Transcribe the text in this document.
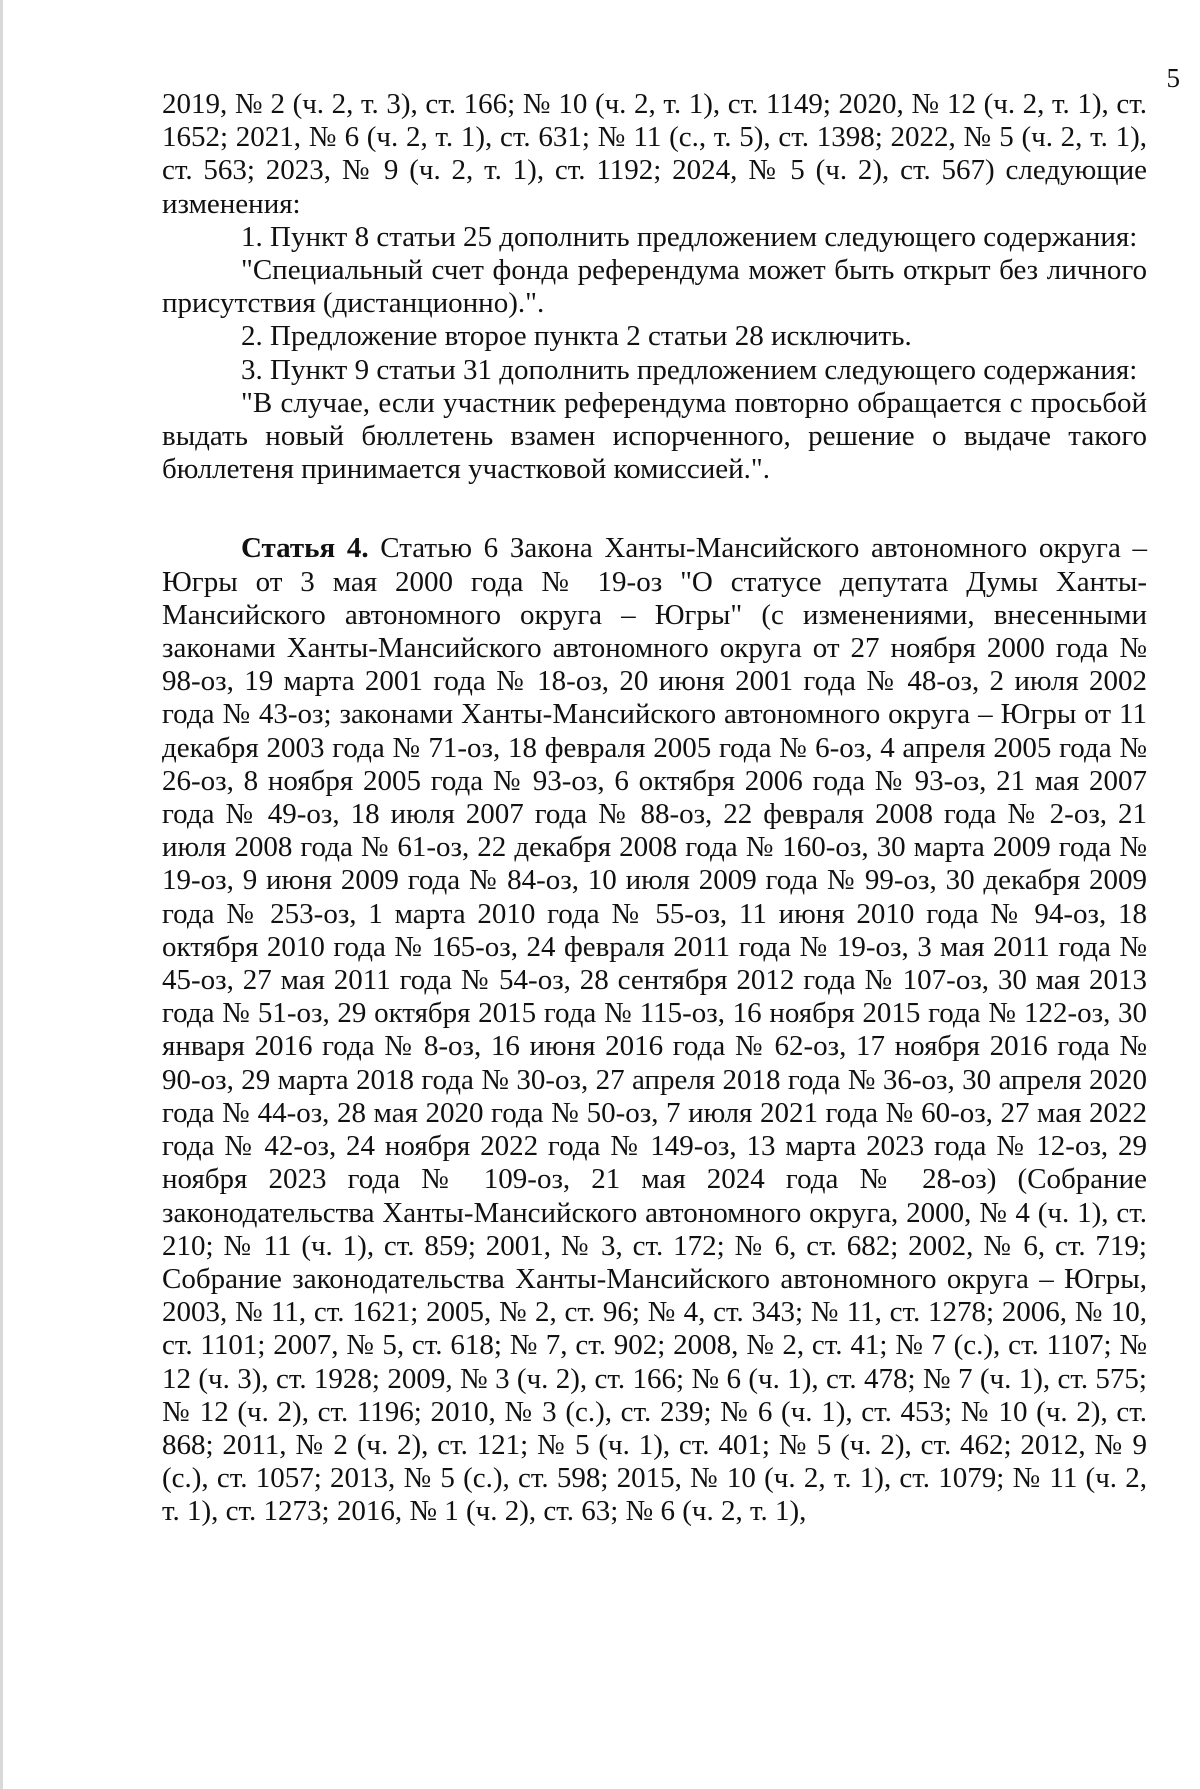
5

2019, № 2 (ч. 2, т. 3), ст. 166; № 10 (ч. 2, т. 1), ст. 1149; 2020, № 12 (ч. 2, т. 1), ст. 1652; 2021, № 6 (ч. 2, т. 1), ст. 631; № 11 (с., т. 5), ст. 1398; 2022, № 5 (ч. 2, т. 1), ст. 563; 2023, № 9 (ч. 2, т. 1), ст. 1192; 2024, № 5 (ч. 2), ст. 567) следующие изменения:

1. Пункт 8 статьи 25 дополнить предложением следующего содержания:

"Специальный счет фонда референдума может быть открыт без личного присутствия (дистанционно).".

2. Предложение второе пункта 2 статьи 28 исключить.

3. Пункт 9 статьи 31 дополнить предложением следующего содержания:

"В случае, если участник референдума повторно обращается с просьбой выдать новый бюллетень взамен испорченного, решение о выдаче такого бюллетеня принимается участковой комиссией.".

Статья 4. Статью 6 Закона Ханты-Мансийского автономного округа – Югры от 3 мая 2000 года № 19-оз "О статусе депутата Думы Ханты-Мансийского автономного округа – Югры" (с изменениями, внесенными законами Ханты-Мансийского автономного округа от 27 ноября 2000 года № 98-оз, 19 марта 2001 года № 18-оз, 20 июня 2001 года № 48-оз, 2 июля 2002 года № 43-оз; законами Ханты-Мансийского автономного округа – Югры от 11 декабря 2003 года № 71-оз, 18 февраля 2005 года № 6-оз, 4 апреля 2005 года № 26-оз, 8 ноября 2005 года № 93-оз, 6 октября 2006 года № 93-оз, 21 мая 2007 года № 49-оз, 18 июля 2007 года № 88-оз, 22 февраля 2008 года № 2-оз, 21 июля 2008 года № 61-оз, 22 декабря 2008 года № 160-оз, 30 марта 2009 года № 19-оз, 9 июня 2009 года № 84-оз, 10 июля 2009 года № 99-оз, 30 декабря 2009 года № 253-оз, 1 марта 2010 года № 55-оз, 11 июня 2010 года № 94-оз, 18 октября 2010 года № 165-оз, 24 февраля 2011 года № 19-оз, 3 мая 2011 года № 45-оз, 27 мая 2011 года № 54-оз, 28 сентября 2012 года № 107-оз, 30 мая 2013 года № 51-оз, 29 октября 2015 года № 115-оз, 16 ноября 2015 года № 122-оз, 30 января 2016 года № 8-оз, 16 июня 2016 года № 62-оз, 17 ноября 2016 года № 90-оз, 29 марта 2018 года № 30-оз, 27 апреля 2018 года № 36-оз, 30 апреля 2020 года № 44-оз, 28 мая 2020 года № 50-оз, 7 июля 2021 года № 60-оз, 27 мая 2022 года № 42-оз, 24 ноября 2022 года № 149-оз, 13 марта 2023 года № 12-оз, 29 ноября 2023 года № 109-оз, 21 мая 2024 года № 28-оз) (Собрание законодательства Ханты-Мансийского автономного округа, 2000, № 4 (ч. 1), ст. 210; № 11 (ч. 1), ст. 859; 2001, № 3, ст. 172; № 6, ст. 682; 2002, № 6, ст. 719; Собрание законодательства Ханты-Мансийского автономного округа – Югры, 2003, № 11, ст. 1621; 2005, № 2, ст. 96; № 4, ст. 343; № 11, ст. 1278; 2006, № 10, ст. 1101; 2007, № 5, ст. 618; № 7, ст. 902; 2008, № 2, ст. 41; № 7 (с.), ст. 1107; № 12 (ч. 3), ст. 1928; 2009, № 3 (ч. 2), ст. 166; № 6 (ч. 1), ст. 478; № 7 (ч. 1), ст. 575; № 12 (ч. 2), ст. 1196; 2010, № 3 (с.), ст. 239; № 6 (ч. 1), ст. 453; № 10 (ч. 2), ст. 868; 2011, № 2 (ч. 2), ст. 121; № 5 (ч. 1), ст. 401; № 5 (ч. 2), ст. 462; 2012, № 9 (с.), ст. 1057; 2013, № 5 (с.), ст. 598; 2015, № 10 (ч. 2, т. 1), ст. 1079; № 11 (ч. 2, т. 1), ст. 1273; 2016, № 1 (ч. 2), ст. 63; № 6 (ч. 2, т. 1),
